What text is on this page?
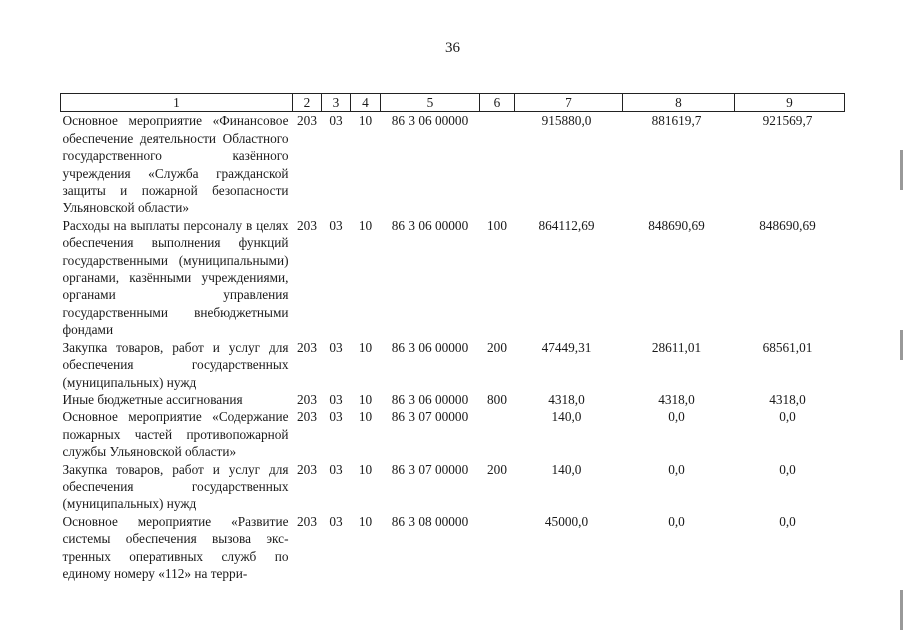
36
1	2	3	4	5	6	7	8	9
Основное мероприятие «Финансовое обеспечение деятельности Областного государственного казённого учреждения «Служба гражданской защиты и пожарной безопасности Ульяновской области»	203	03	10	86 3 06 00000		915880,0	881619,7	921569,7
Расходы на выплаты персоналу в целях обеспечения выполнения функций государственными (муниципальными) органами, казёнными учреждениями, органами управления государственными внебюджетными фондами	203	03	10	86 3 06 00000	100	864112,69	848690,69	848690,69
Закупка товаров, работ и услуг для обеспечения государственных (муниципальных) нужд	203	03	10	86 3 06 00000	200	47449,31	28611,01	68561,01
Иные бюджетные ассигнования	203	03	10	86 3 06 00000	800	4318,0	4318,0	4318,0
Основное мероприятие «Содержание пожарных частей противопожарной службы Ульяновской области»	203	03	10	86 3 07 00000		140,0	0,0	0,0
Закупка товаров, работ и услуг для обеспечения государственных (муниципальных) нужд	203	03	10	86 3 07 00000	200	140,0	0,0	0,0
Основное мероприятие «Развитие системы обеспечения вызова экстренных оперативных служб по единому номеру «112» на терри-	203	03	10	86 3 08 00000		45000,0	0,0	0,0
